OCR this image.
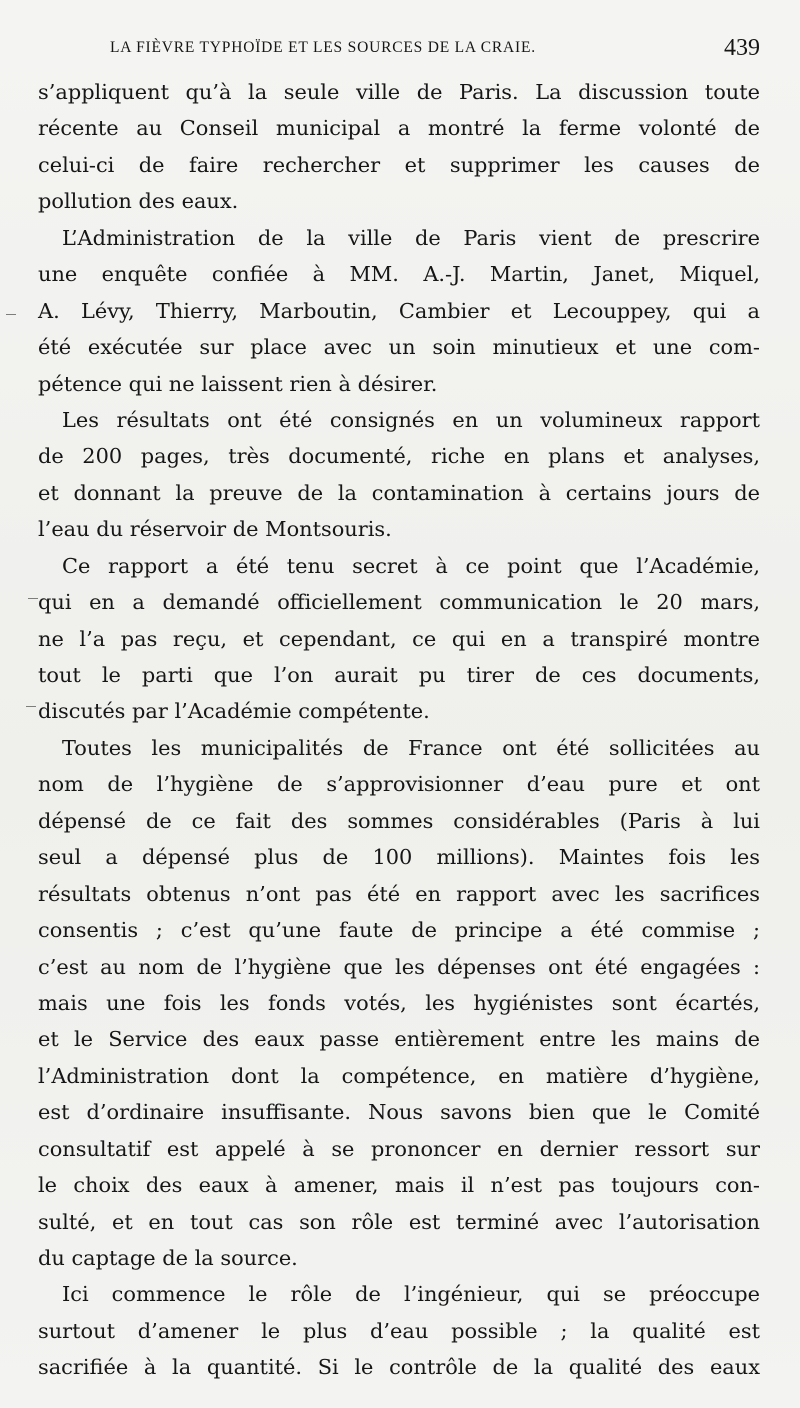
LA FIÈVRE TYPHOÏDE ET LES SOURCES DE LA CRAIE.	439
s’appliquent qu’à la seule ville de Paris. La discussion toute
récente au Conseil municipal a montré la ferme volonté de
celui-ci de faire rechercher et supprimer les causes de
pollution des eaux.
L’Administration de la ville de Paris vient de prescrire
une enquête confiée à MM. A.-J. Martin, Janet, Miquel,
A. Lévy, Thierry, Marboutin, Cambier et Lecouppey, qui a
été exécutée sur place avec un soin minutieux et une com-
pétence qui ne laissent rien à désirer.
Les résultats ont été consignés en un volumineux rapport
de 200 pages, très documenté, riche en plans et analyses,
et donnant la preuve de la contamination à certains jours de
l’eau du réservoir de Montsouris.
Ce rapport a été tenu secret à ce point que l’Académie,
qui en a demandé officiellement communication le 20 mars,
ne l’a pas reçu, et cependant, ce qui en a transpiré montre
tout le parti que l’on aurait pu tirer de ces documents,
discutés par l’Académie compétente.
Toutes les municipalités de France ont été sollicitées au
nom de l’hygiène de s’approvisionner d’eau pure et ont
dépensé de ce fait des sommes considérables (Paris à lui
seul a dépensé plus de 100 millions). Maintes fois les
résultats obtenus n’ont pas été en rapport avec les sacrifices
consentis ; c’est qu’une faute de principe a été commise ;
c’est au nom de l’hygiène que les dépenses ont été engagées :
mais une fois les fonds votés, les hygiénistes sont écartés,
et le Service des eaux passe entièrement entre les mains de
l’Administration dont la compétence, en matière d’hygiène,
est d’ordinaire insuffisante. Nous savons bien que le Comité
consultatif est appelé à se prononcer en dernier ressort sur
le choix des eaux à amener, mais il n’est pas toujours con-
sulté, et en tout cas son rôle est terminé avec l’autorisation
du captage de la source.
Ici commence le rôle de l’ingénieur, qui se préoccupe
surtout d’amener le plus d’eau possible ; la qualité est
sacrifiée à la quantité. Si le contrôle de la qualité des eaux
